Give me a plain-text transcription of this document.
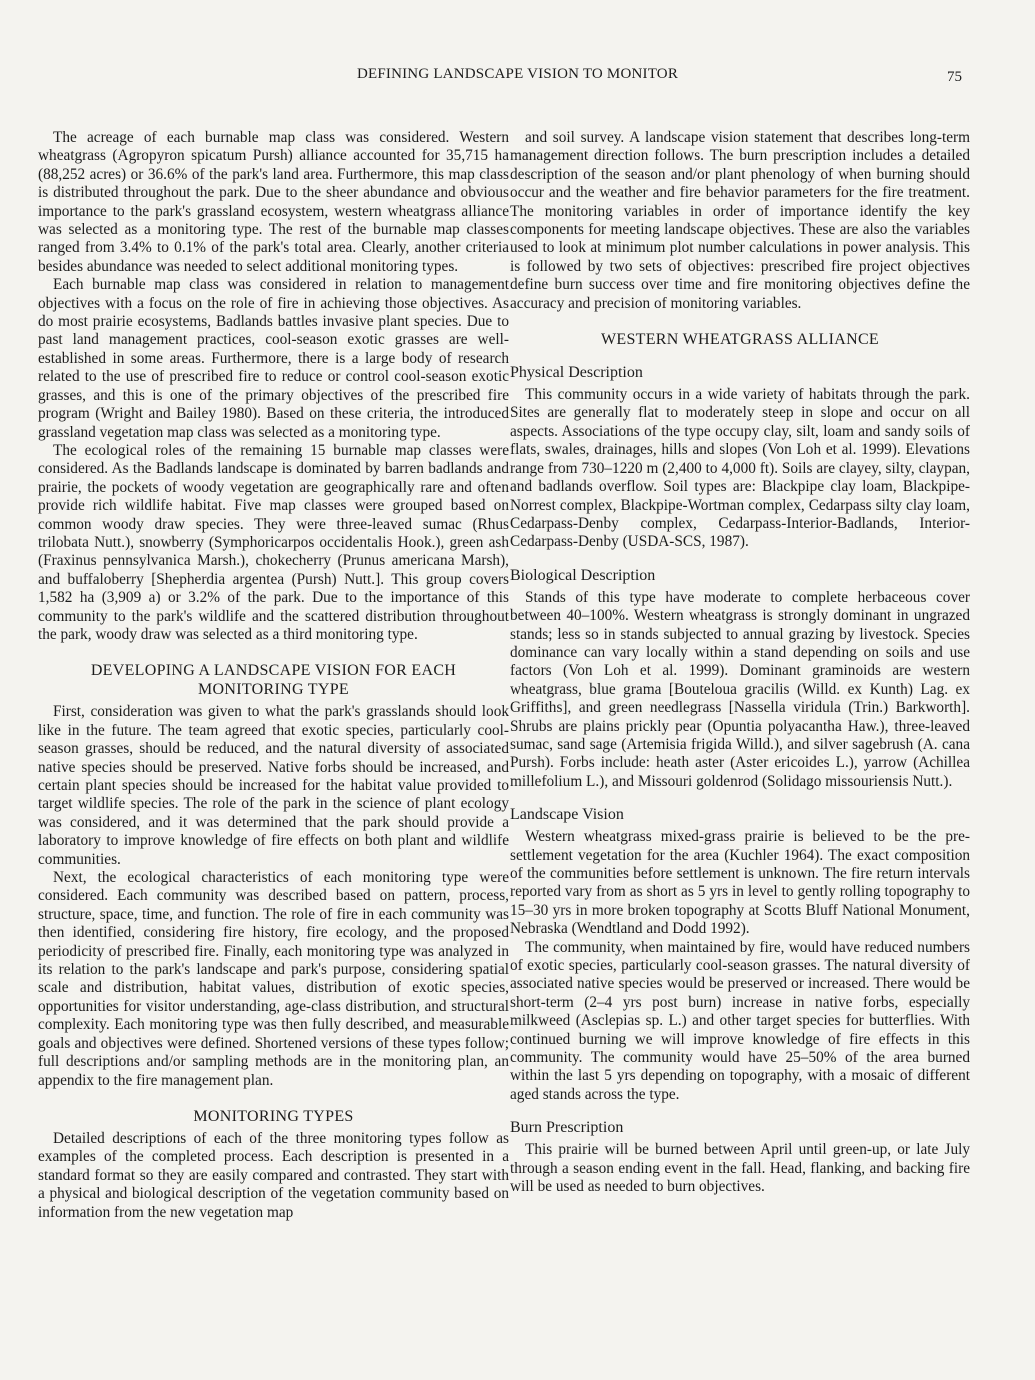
DEFINING LANDSCAPE VISION TO MONITOR	75

The acreage of each burnable map class was considered. Western wheatgrass (Agropyron spicatum Pursh) alliance accounted for 35,715 ha (88,252 acres) or 36.6% of the park's land area. Furthermore, this map class is distributed throughout the park. Due to the sheer abundance and obvious importance to the park's grassland ecosystem, western wheatgrass alliance was selected as a monitoring type. The rest of the burnable map classes ranged from 3.4% to 0.1% of the park's total area. Clearly, another criteria besides abundance was needed to select additional monitoring types.

Each burnable map class was considered in relation to management objectives with a focus on the role of fire in achieving those objectives. As do most prairie ecosystems, Badlands battles invasive plant species. Due to past land management practices, cool-season exotic grasses are well-established in some areas. Furthermore, there is a large body of research related to the use of prescribed fire to reduce or control cool-season exotic grasses, and this is one of the primary objectives of the prescribed fire program (Wright and Bailey 1980). Based on these criteria, the introduced grassland vegetation map class was selected as a monitoring type.

The ecological roles of the remaining 15 burnable map classes were considered. As the Badlands landscape is dominated by barren badlands and prairie, the pockets of woody vegetation are geographically rare and often provide rich wildlife habitat. Five map classes were grouped based on common woody draw species. They were three-leaved sumac (Rhus trilobata Nutt.), snowberry (Symphoricarpos occidentalis Hook.), green ash (Fraxinus pennsylvanica Marsh.), chokecherry (Prunus americana Marsh), and buffaloberry [Shepherdia argentea (Pursh) Nutt.]. This group covers 1,582 ha (3,909 a) or 3.2% of the park. Due to the importance of this community to the park's wildlife and the scattered distribution throughout the park, woody draw was selected as a third monitoring type.

DEVELOPING A LANDSCAPE VISION FOR EACH MONITORING TYPE

First, consideration was given to what the park's grasslands should look like in the future. The team agreed that exotic species, particularly cool-season grasses, should be reduced, and the natural diversity of associated native species should be preserved. Native forbs should be increased, and certain plant species should be increased for the habitat value provided to target wildlife species. The role of the park in the science of plant ecology was considered, and it was determined that the park should provide a laboratory to improve knowledge of fire effects on both plant and wildlife communities.

Next, the ecological characteristics of each monitoring type were considered. Each community was described based on pattern, process, structure, space, time, and function. The role of fire in each community was then identified, considering fire history, fire ecology, and the proposed periodicity of prescribed fire. Finally, each monitoring type was analyzed in its relation to the park's landscape and park's purpose, considering spatial scale and distribution, habitat values, distribution of exotic species, opportunities for visitor understanding, age-class distribution, and structural complexity. Each monitoring type was then fully described, and measurable goals and objectives were defined. Shortened versions of these types follow; full descriptions and/or sampling methods are in the monitoring plan, an appendix to the fire management plan.

MONITORING TYPES

Detailed descriptions of each of the three monitoring types follow as examples of the completed process. Each description is presented in a standard format so they are easily compared and contrasted. They start with a physical and biological description of the vegetation community based on information from the new vegetation map

and soil survey. A landscape vision statement that describes long-term management direction follows. The burn prescription includes a detailed description of the season and/or plant phenology of when burning should occur and the weather and fire behavior parameters for the fire treatment. The monitoring variables in order of importance identify the key components for meeting landscape objectives. These are also the variables used to look at minimum plot number calculations in power analysis. This is followed by two sets of objectives: prescribed fire project objectives define burn success over time and fire monitoring objectives define the accuracy and precision of monitoring variables.

WESTERN WHEATGRASS ALLIANCE
Physical Description

This community occurs in a wide variety of habitats through the park. Sites are generally flat to moderately steep in slope and occur on all aspects. Associations of the type occupy clay, silt, loam and sandy soils of flats, swales, drainages, hills and slopes (Von Loh et al. 1999). Elevations range from 730–1220 m (2,400 to 4,000 ft). Soils are clayey, silty, claypan, and badlands overflow. Soil types are: Blackpipe clay loam, Blackpipe-Norrest complex, Blackpipe-Wortman complex, Cedarpass silty clay loam, Cedarpass-Denby complex, Cedarpass-Interior-Badlands, Interior-Cedarpass-Denby (USDA-SCS, 1987).

Biological Description

Stands of this type have moderate to complete herbaceous cover between 40–100%. Western wheatgrass is strongly dominant in ungrazed stands; less so in stands subjected to annual grazing by livestock. Species dominance can vary locally within a stand depending on soils and use factors (Von Loh et al. 1999). Dominant graminoids are western wheatgrass, blue grama [Bouteloua gracilis (Willd. ex Kunth) Lag. ex Griffiths], and green needlegrass [Nassella viridula (Trin.) Barkworth]. Shrubs are plains prickly pear (Opuntia polyacantha Haw.), three-leaved sumac, sand sage (Artemisia frigida Willd.), and silver sagebrush (A. cana Pursh). Forbs include: heath aster (Aster ericoides L.), yarrow (Achillea millefolium L.), and Missouri goldenrod (Solidago missouriensis Nutt.).

Landscape Vision

Western wheatgrass mixed-grass prairie is believed to be the pre-settlement vegetation for the area (Kuchler 1964). The exact composition of the communities before settlement is unknown. The fire return intervals reported vary from as short as 5 yrs in level to gently rolling topography to 15–30 yrs in more broken topography at Scotts Bluff National Monument, Nebraska (Wendtland and Dodd 1992).

The community, when maintained by fire, would have reduced numbers of exotic species, particularly cool-season grasses. The natural diversity of associated native species would be preserved or increased. There would be short-term (2–4 yrs post burn) increase in native forbs, especially milkweed (Asclepias sp. L.) and other target species for butterflies. With continued burning we will improve knowledge of fire effects in this community. The community would have 25–50% of the area burned within the last 5 yrs depending on topography, with a mosaic of different aged stands across the type.

Burn Prescription

This prairie will be burned between April until green-up, or late July through a season ending event in the fall. Head, flanking, and backing fire will be used as needed to burn objectives.
